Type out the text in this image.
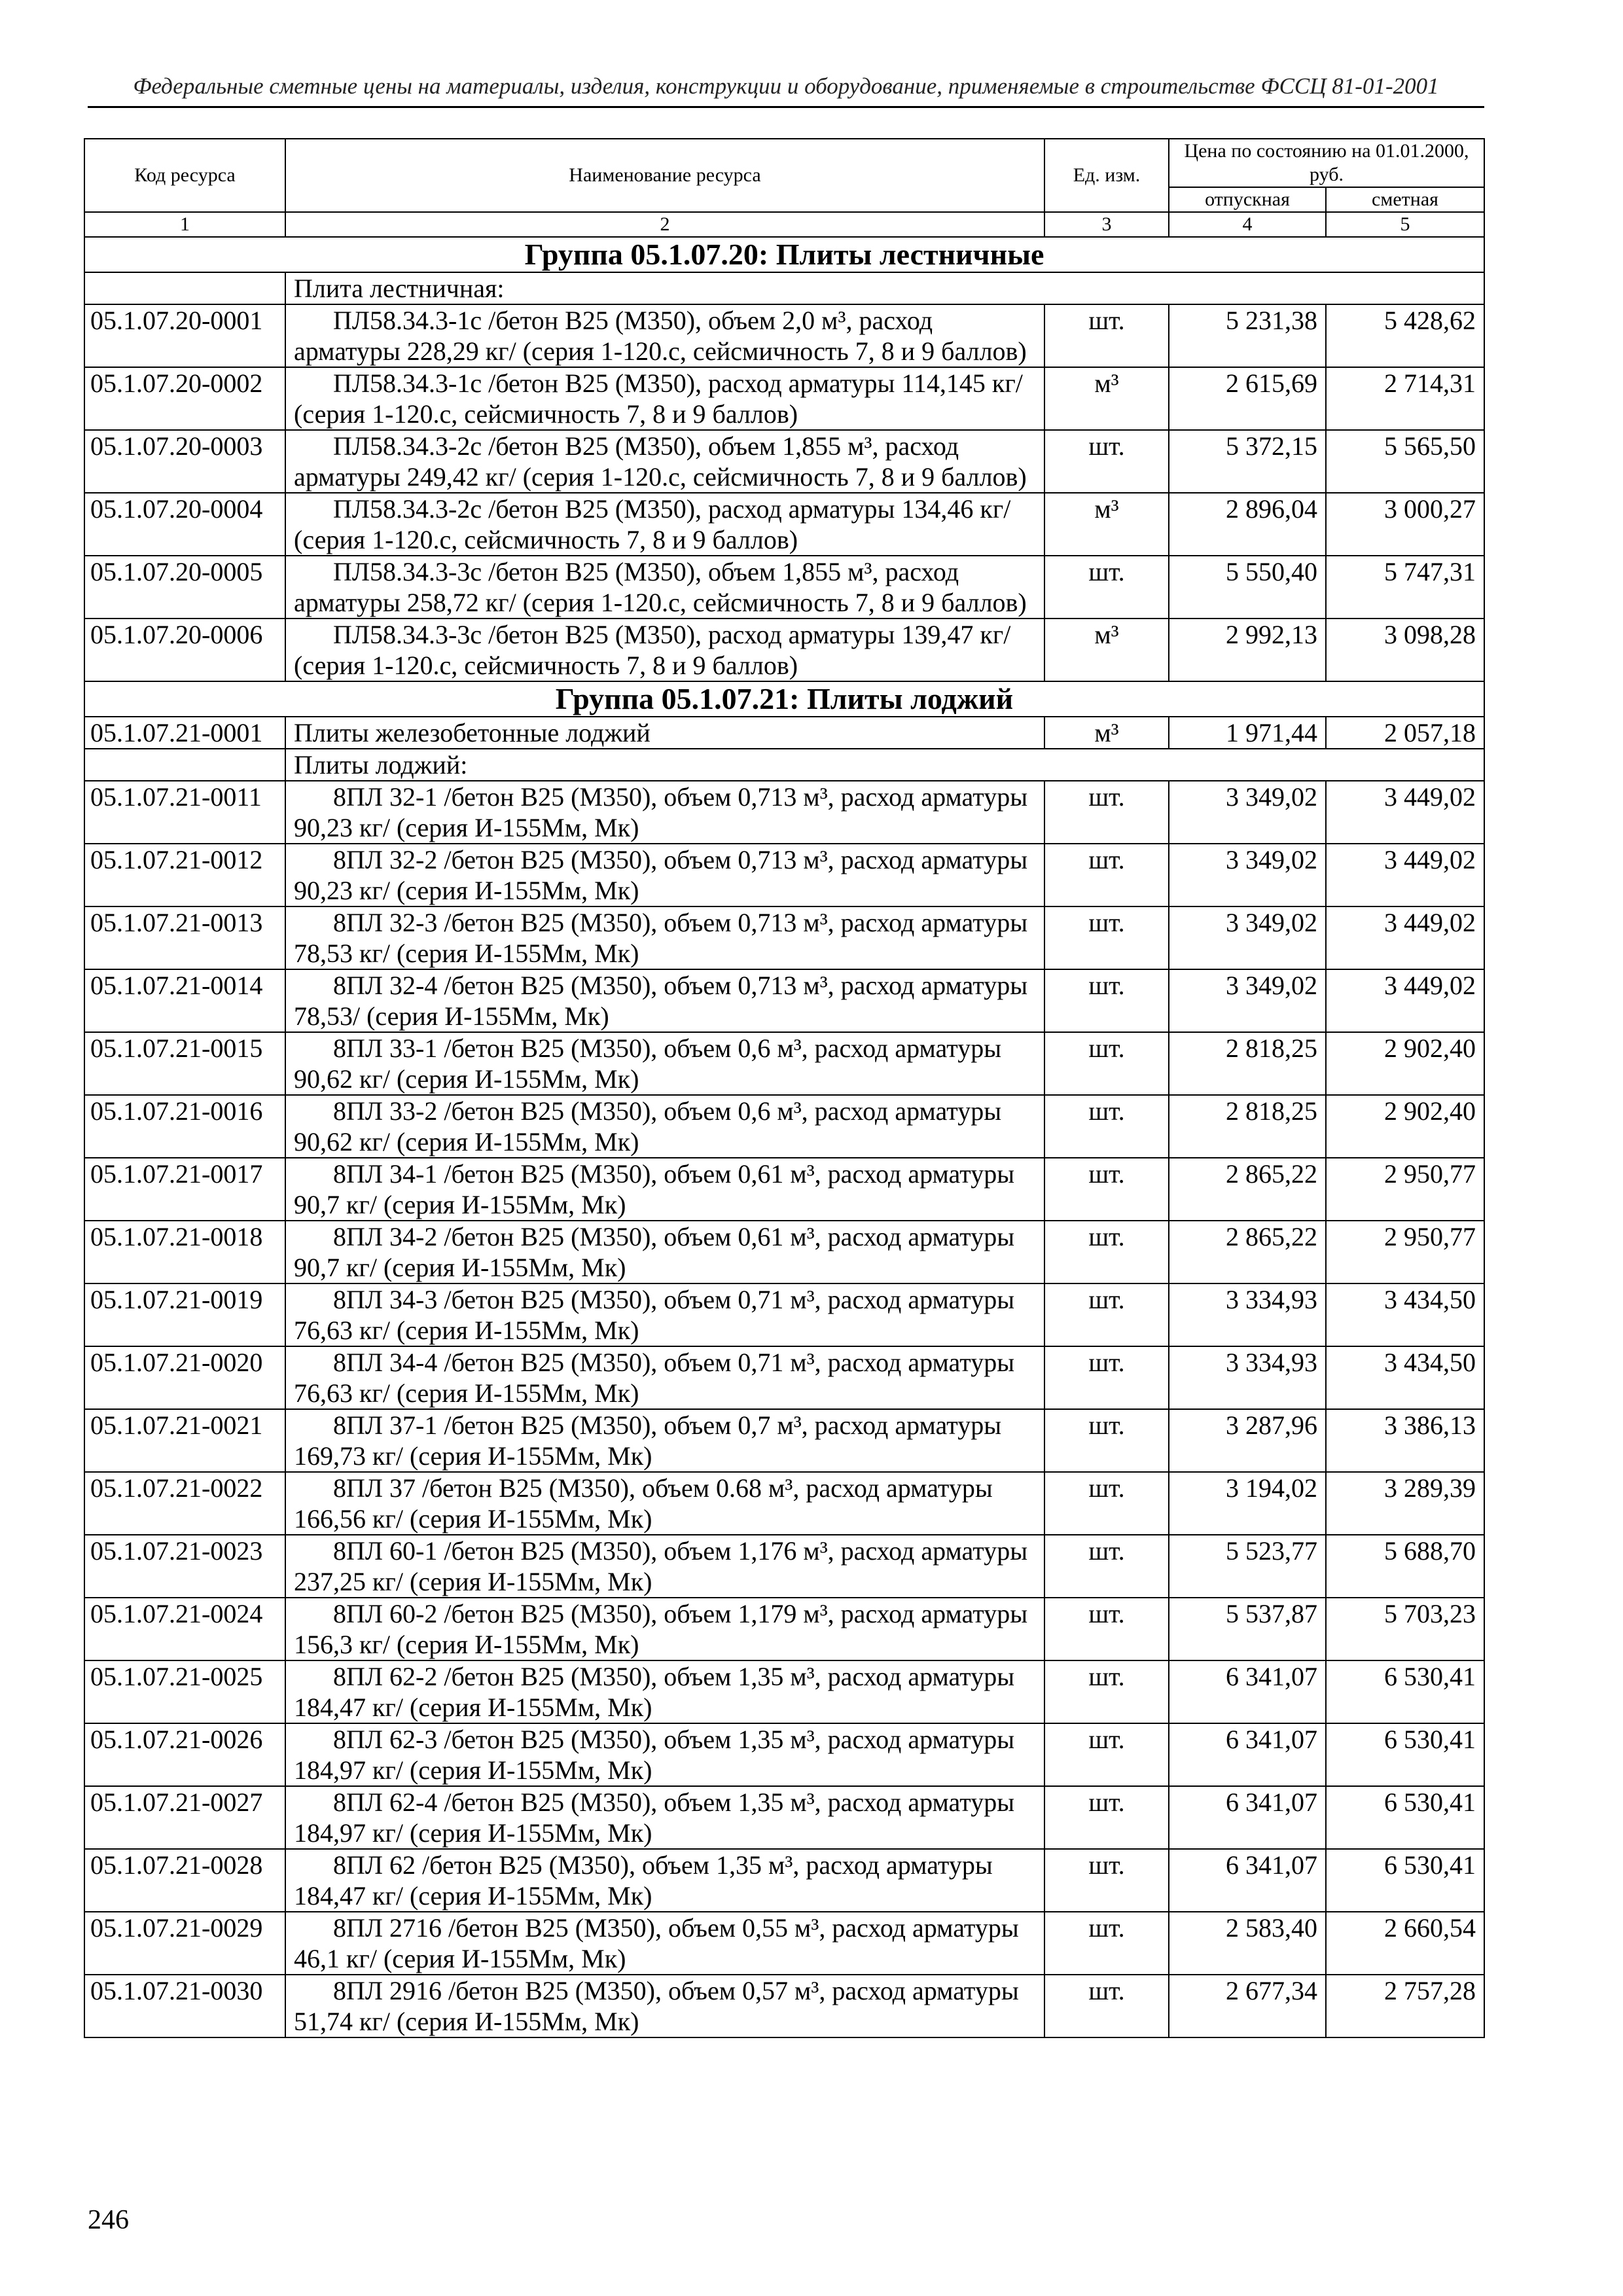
Федеральные сметные цены на материалы, изделия, конструкции и оборудование, применяемые в строительстве ФССЦ 81-01-2001
Код ресурса	Наименование ресурса	Ед. изм.	Цена по состоянию на 01.01.2000, руб.	
			отпускная	сметная
1	2	3	4	5
Группа 05.1.07.20: Плиты лестничные				
	Плита лестничная:			
05.1.07.20-0001	ПЛ58.34.3-1с /бетон В25 (М350), объем 2,0 м³, расход арматуры 228,29 кг/ (серия 1-120.с, сейсмичность 7, 8 и 9 баллов)	шт.	5 231,38	5 428,62
05.1.07.20-0002	ПЛ58.34.3-1с /бетон В25 (М350), расход арматуры 114,145 кг/ (серия 1-120.с, сейсмичность 7, 8 и 9 баллов)	м³	2 615,69	2 714,31
05.1.07.20-0003	ПЛ58.34.3-2с /бетон В25 (М350), объем 1,855 м³, расход арматуры 249,42 кг/ (серия 1-120.с, сейсмичность 7, 8 и 9 баллов)	шт.	5 372,15	5 565,50
05.1.07.20-0004	ПЛ58.34.3-2с /бетон В25 (М350), расход арматуры 134,46 кг/ (серия 1-120.с, сейсмичность 7, 8 и 9 баллов)	м³	2 896,04	3 000,27
05.1.07.20-0005	ПЛ58.34.3-3с /бетон В25 (М350), объем 1,855 м³, расход арматуры 258,72 кг/ (серия 1-120.с, сейсмичность 7, 8 и 9 баллов)	шт.	5 550,40	5 747,31
05.1.07.20-0006	ПЛ58.34.3-3с /бетон В25 (М350), расход арматуры 139,47 кг/ (серия 1-120.с, сейсмичность 7, 8 и 9 баллов)	м³	2 992,13	3 098,28
Группа 05.1.07.21: Плиты лоджий				
05.1.07.21-0001	Плиты железобетонные лоджий	м³	1 971,44	2 057,18
	Плиты лоджий:			
05.1.07.21-0011	8ПЛ 32-1 /бетон В25 (М350), объем 0,713 м³, расход арматуры 90,23 кг/ (серия И-155Мм, Мк)	шт.	3 349,02	3 449,02
05.1.07.21-0012	8ПЛ 32-2 /бетон В25 (М350), объем 0,713 м³, расход арматуры 90,23 кг/ (серия И-155Мм, Мк)	шт.	3 349,02	3 449,02
05.1.07.21-0013	8ПЛ 32-3 /бетон В25 (М350), объем 0,713 м³, расход арматуры 78,53 кг/ (серия И-155Мм, Мк)	шт.	3 349,02	3 449,02
05.1.07.21-0014	8ПЛ 32-4 /бетон В25 (М350), объем 0,713 м³, расход арматуры 78,53/ (серия И-155Мм, Мк)	шт.	3 349,02	3 449,02
05.1.07.21-0015	8ПЛ 33-1 /бетон В25 (М350), объем 0,6 м³, расход арматуры 90,62 кг/ (серия И-155Мм, Мк)	шт.	2 818,25	2 902,40
05.1.07.21-0016	8ПЛ 33-2 /бетон В25 (М350), объем 0,6 м³, расход арматуры 90,62 кг/ (серия И-155Мм, Мк)	шт.	2 818,25	2 902,40
05.1.07.21-0017	8ПЛ 34-1 /бетон В25 (М350), объем 0,61 м³, расход арматуры 90,7 кг/ (серия И-155Мм, Мк)	шт.	2 865,22	2 950,77
05.1.07.21-0018	8ПЛ 34-2 /бетон В25 (М350), объем 0,61 м³, расход арматуры 90,7 кг/ (серия И-155Мм, Мк)	шт.	2 865,22	2 950,77
05.1.07.21-0019	8ПЛ 34-3 /бетон В25 (М350), объем 0,71 м³, расход арматуры 76,63 кг/ (серия И-155Мм, Мк)	шт.	3 334,93	3 434,50
05.1.07.21-0020	8ПЛ 34-4 /бетон В25 (М350), объем 0,71 м³, расход арматуры 76,63 кг/ (серия И-155Мм, Мк)	шт.	3 334,93	3 434,50
05.1.07.21-0021	8ПЛ 37-1 /бетон В25 (М350), объем 0,7 м³, расход арматуры 169,73 кг/ (серия И-155Мм, Мк)	шт.	3 287,96	3 386,13
05.1.07.21-0022	8ПЛ 37 /бетон В25 (М350), объем 0.68 м³, расход арматуры 166,56 кг/ (серия И-155Мм, Мк)	шт.	3 194,02	3 289,39
05.1.07.21-0023	8ПЛ 60-1 /бетон В25 (М350), объем 1,176 м³, расход арматуры 237,25 кг/ (серия И-155Мм, Мк)	шт.	5 523,77	5 688,70
05.1.07.21-0024	8ПЛ 60-2 /бетон В25 (М350), объем 1,179 м³, расход арматуры 156,3 кг/ (серия И-155Мм, Мк)	шт.	5 537,87	5 703,23
05.1.07.21-0025	8ПЛ 62-2 /бетон В25 (М350), объем 1,35 м³, расход арматуры 184,47 кг/ (серия И-155Мм, Мк)	шт.	6 341,07	6 530,41
05.1.07.21-0026	8ПЛ 62-3 /бетон В25 (М350), объем 1,35 м³, расход арматуры 184,97 кг/ (серия И-155Мм, Мк)	шт.	6 341,07	6 530,41
05.1.07.21-0027	8ПЛ 62-4 /бетон В25 (М350), объем 1,35 м³, расход арматуры 184,97 кг/ (серия И-155Мм, Мк)	шт.	6 341,07	6 530,41
05.1.07.21-0028	8ПЛ 62 /бетон В25 (М350), объем 1,35 м³, расход арматуры 184,47 кг/ (серия И-155Мм, Мк)	шт.	6 341,07	6 530,41
05.1.07.21-0029	8ПЛ 2716 /бетон В25 (М350), объем 0,55 м³, расход арматуры 46,1 кг/ (серия И-155Мм, Мк)	шт.	2 583,40	2 660,54
05.1.07.21-0030	8ПЛ 2916 /бетон В25 (М350), объем 0,57 м³, расход арматуры 51,74 кг/ (серия И-155Мм, Мк)	шт.	2 677,34	2 757,28
246
